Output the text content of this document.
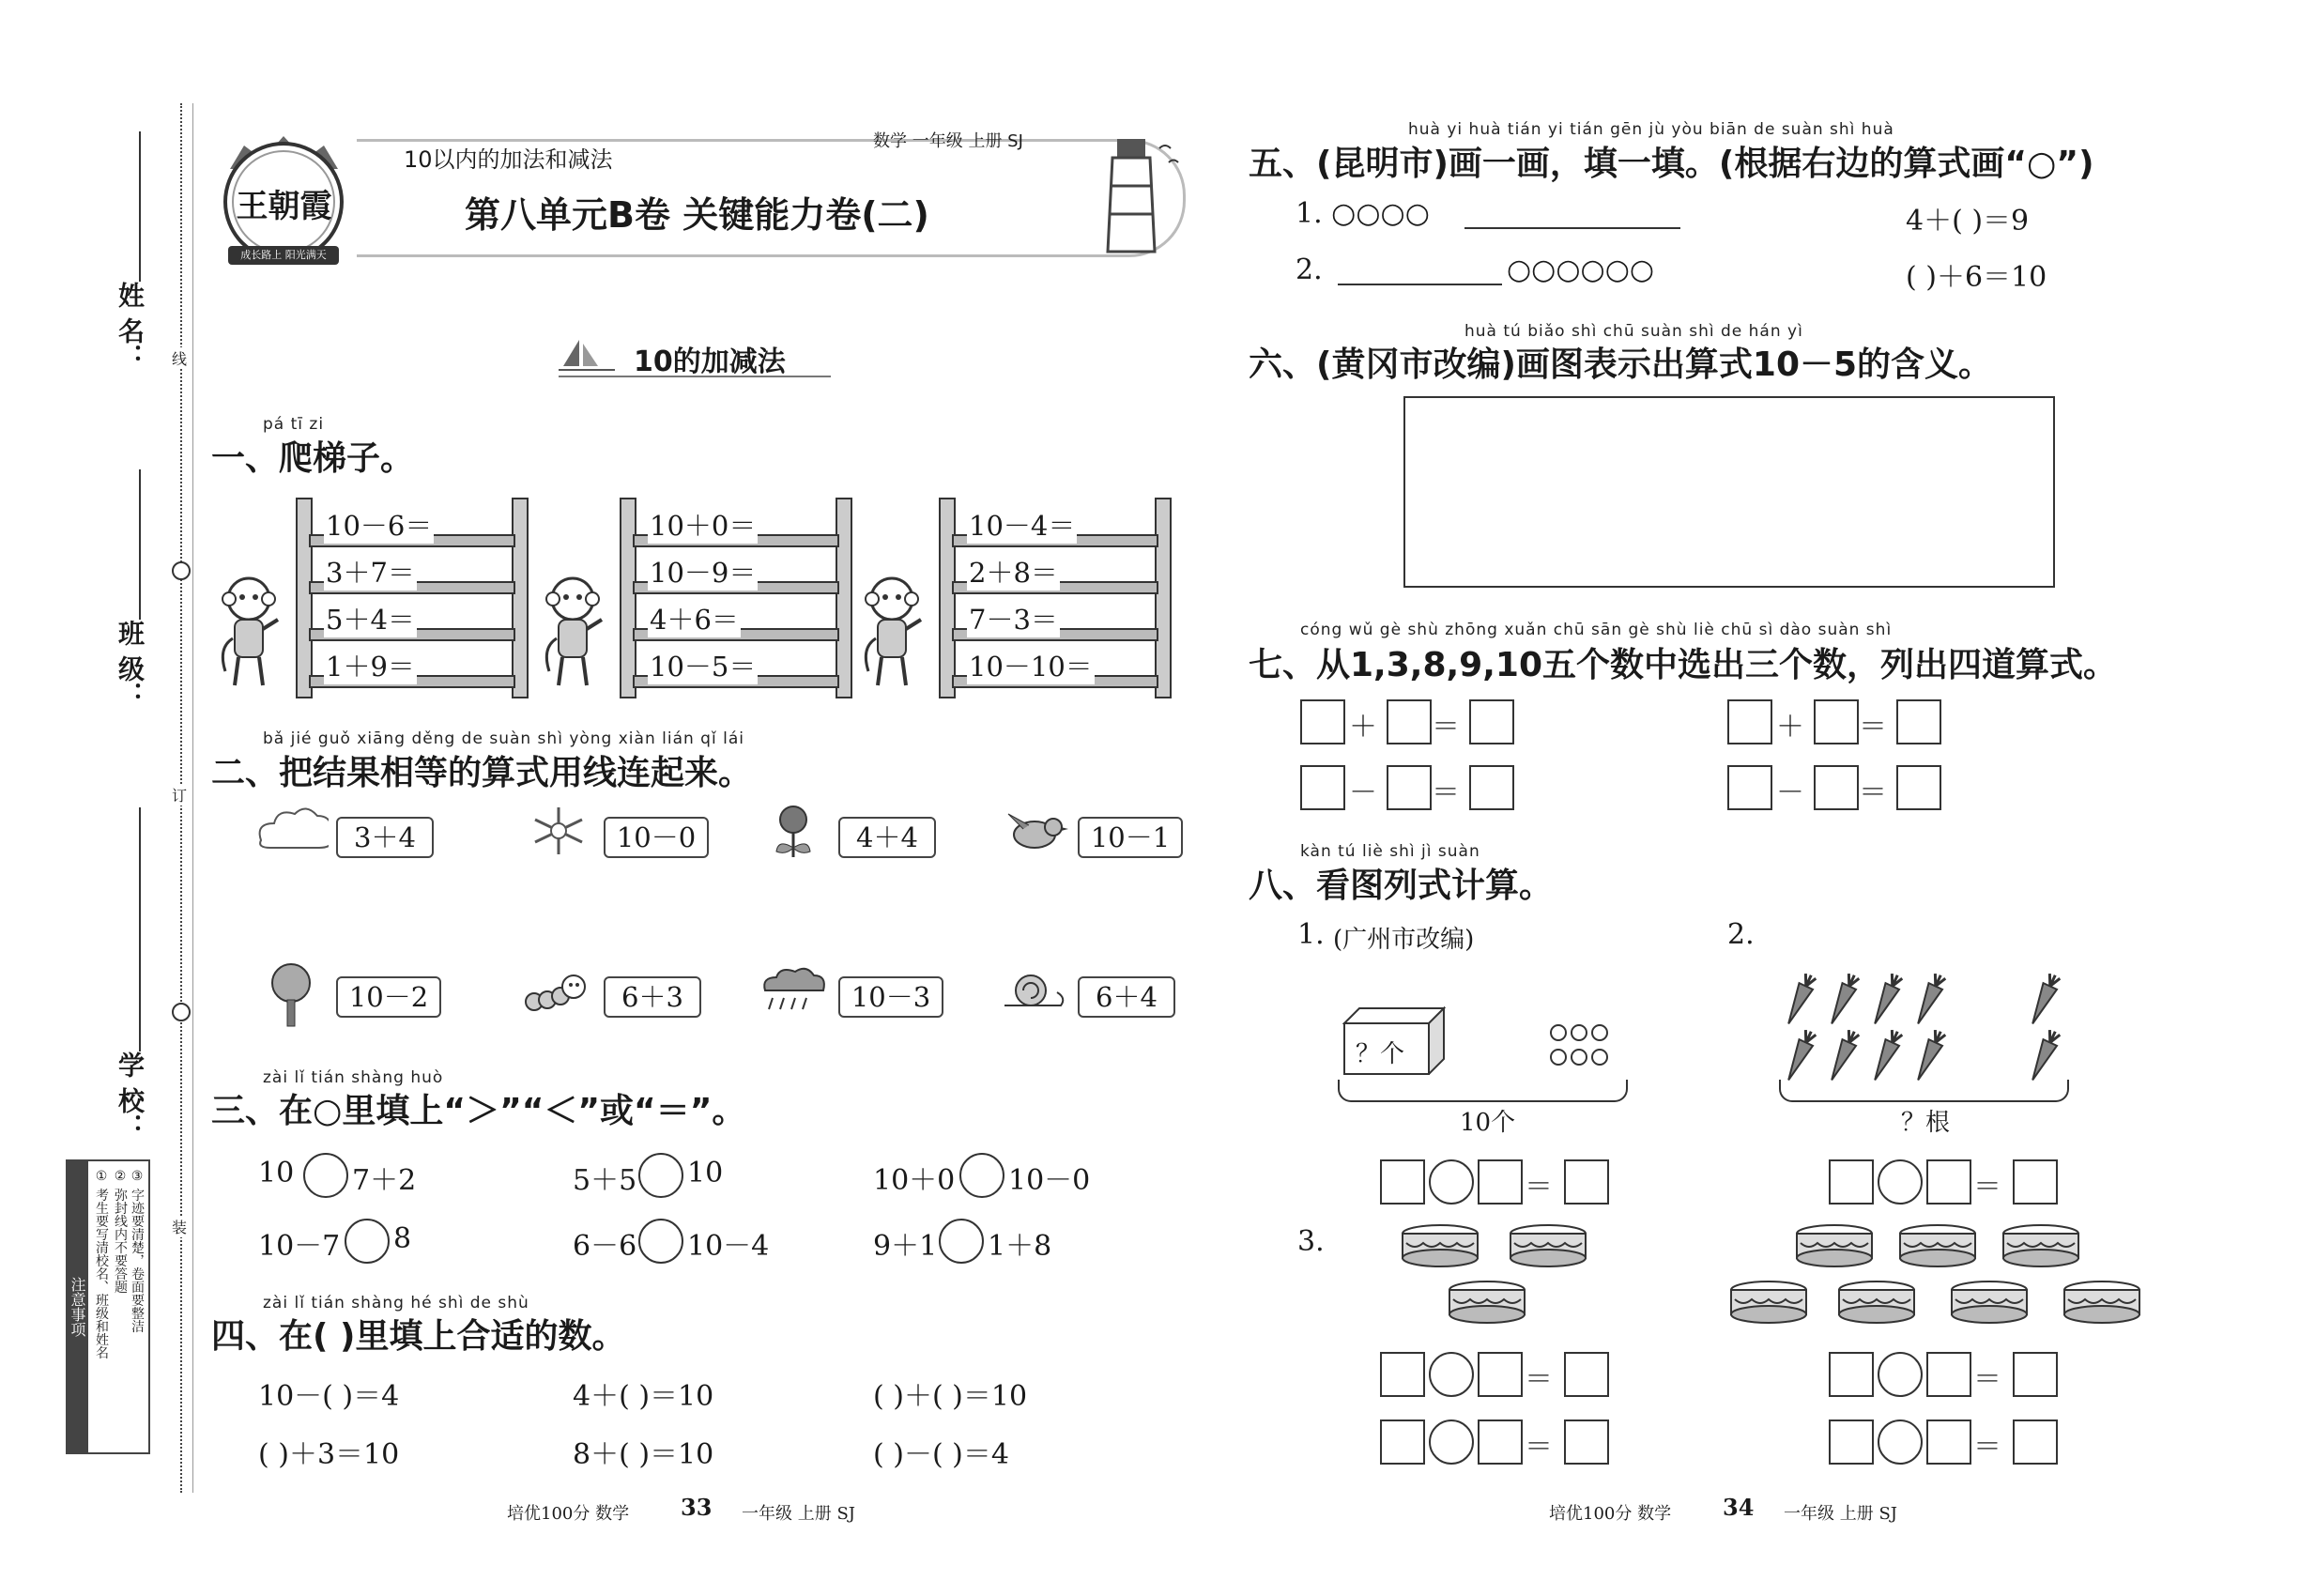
姓 名：
班 级：
学 校：
线
订
装
注意事项 ① 考生要写清校名、班级和姓名 ② 弥封线内不要答题 ③ 字迹要清楚，卷面要整洁
王朝霞
成长路上 阳光满天
10以内的加法和减法
数学 一年级 上册 SJ
第八单元B卷 关键能力卷(二)
10的加减法
pá tī zi
一、爬梯子。
10－6＝
3＋7＝
5＋4＝
1＋9＝
10＋0＝
10－9＝
4＋6＝
10－5＝
10－4＝
2＋8＝
7－3＝
10－10＝
bǎ jié guǒ xiāng děng de suàn shì yòng xiàn lián qǐ lái
二、把结果相等的算式用线连起来。
3＋4	10－0	4＋4	10－1
10－2	6＋3	10－3	6＋4
zài lǐ tián shàng huò
三、在○里填上“＞”“＜”或“＝”。
10 7＋2	5＋5 10	10＋0 10－0
10－7 8	6－6 10－4	9＋1 1＋8
zài lǐ tián shàng hé shì de shù
四、在( )里填上合适的数。
10－( )＝4	4＋( )＝10	( )＋( )＝10
( )＋3＝10	8＋( )＝10	( )－( )＝4
huà yi huà tián yi tián gēn jù yòu biān de suàn shì huà
五、(昆明市)画一画，填一填。(根据右边的算式画“○”)
1. ○○○○	4＋( )＝9
2.	○○○○○○	( )＋6＝10
huà tú biǎo shì chū suàn shì de hán yì
六、(黄冈市改编)画图表示出算式10－5的含义。
cóng wǔ gè shù zhōng xuǎn chū sān gè shù liè chū sì dào suàn shì
七、从1,3,8,9,10五个数中选出三个数，列出四道算式。
＋ ＝	＋ ＝
－ ＝	－ ＝
kàn tú liè shì jì suàn
八、看图列式计算。
1. (广州市改编)	2.
？个
10个	？根
3.
＝	＝
＝	＝
＝	＝
培优100分 数学 33 一年级 上册 SJ	培优100分 数学 34 一年级 上册 SJ
